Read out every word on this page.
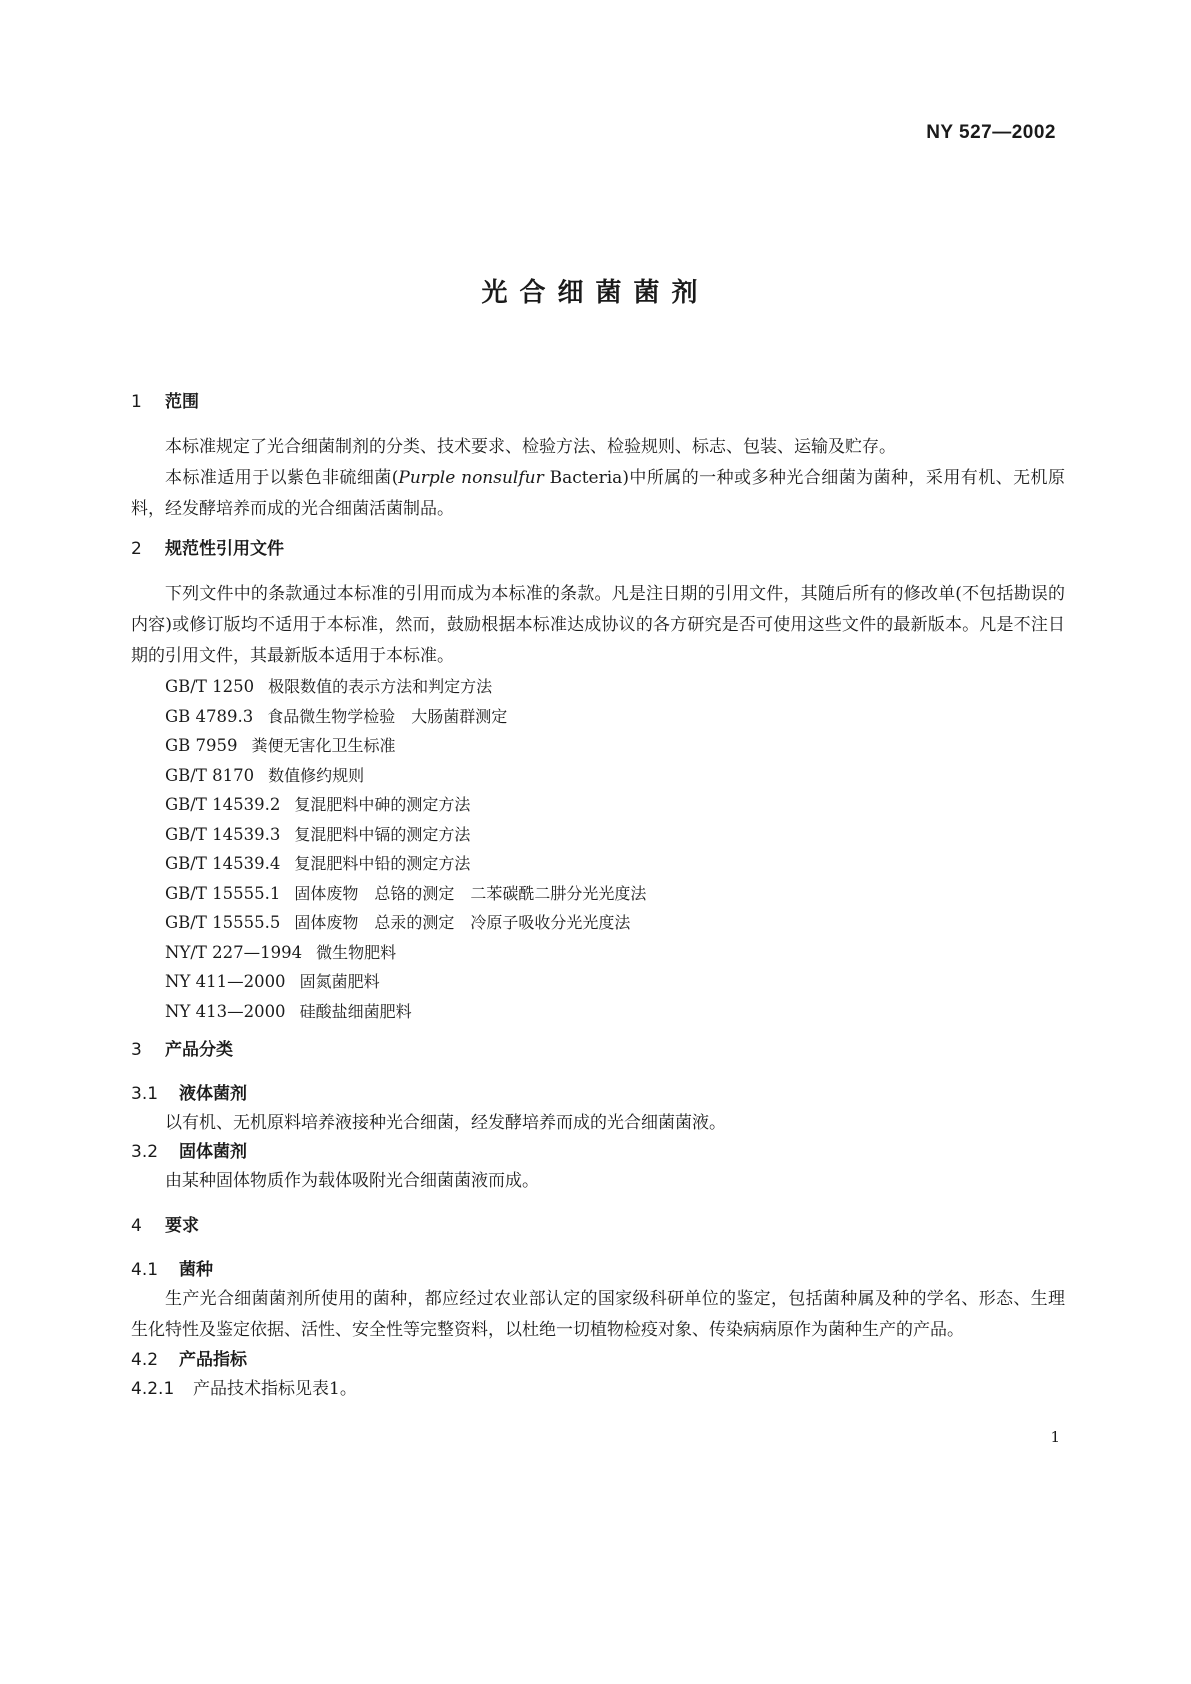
NY 527—2002
光合细菌菌剂
1 范围

本标准规定了光合细菌制剂的分类、技术要求、检验方法、检验规则、标志、包装、运输及贮存。

本标准适用于以紫色非硫细菌(Purple nonsulfur Bacteria)中所属的一种或多种光合细菌为菌种，采用有机、无机原料，经发酵培养而成的光合细菌活菌制品。

2 规范性引用文件

下列文件中的条款通过本标准的引用而成为本标准的条款。凡是注日期的引用文件，其随后所有的修改单(不包括勘误的内容)或修订版均不适用于本标准，然而，鼓励根据本标准达成协议的各方研究是否可使用这些文件的最新版本。凡是不注日期的引用文件，其最新版本适用于本标准。

GB/T 1250 极限数值的表示方法和判定方法
GB 4789.3 食品微生物学检验　大肠菌群测定
GB 7959 粪便无害化卫生标准
GB/T 8170 数值修约规则
GB/T 14539.2 复混肥料中砷的测定方法
GB/T 14539.3 复混肥料中镉的测定方法
GB/T 14539.4 复混肥料中铅的测定方法
GB/T 15555.1 固体废物　总铬的测定　二苯碳酰二肼分光光度法
GB/T 15555.5 固体废物　总汞的测定　冷原子吸收分光光度法
NY/T 227—1994 微生物肥料
NY 411—2000 固氮菌肥料
NY 413—2000 硅酸盐细菌肥料
3 产品分类
3.1 液体菌剂
以有机、无机原料培养液接种光合细菌，经发酵培养而成的光合细菌菌液。
3.2 固体菌剂
由某种固体物质作为载体吸附光合细菌菌液而成。
4 要求
4.1 菌种

生产光合细菌菌剂所使用的菌种，都应经过农业部认定的国家级科研单位的鉴定，包括菌种属及种的学名、形态、生理生化特性及鉴定依据、活性、安全性等完整资料，以杜绝一切植物检疫对象、传染病病原作为菌种生产的产品。

4.2 产品指标
4.2.1 产品技术指标见表1。
1
